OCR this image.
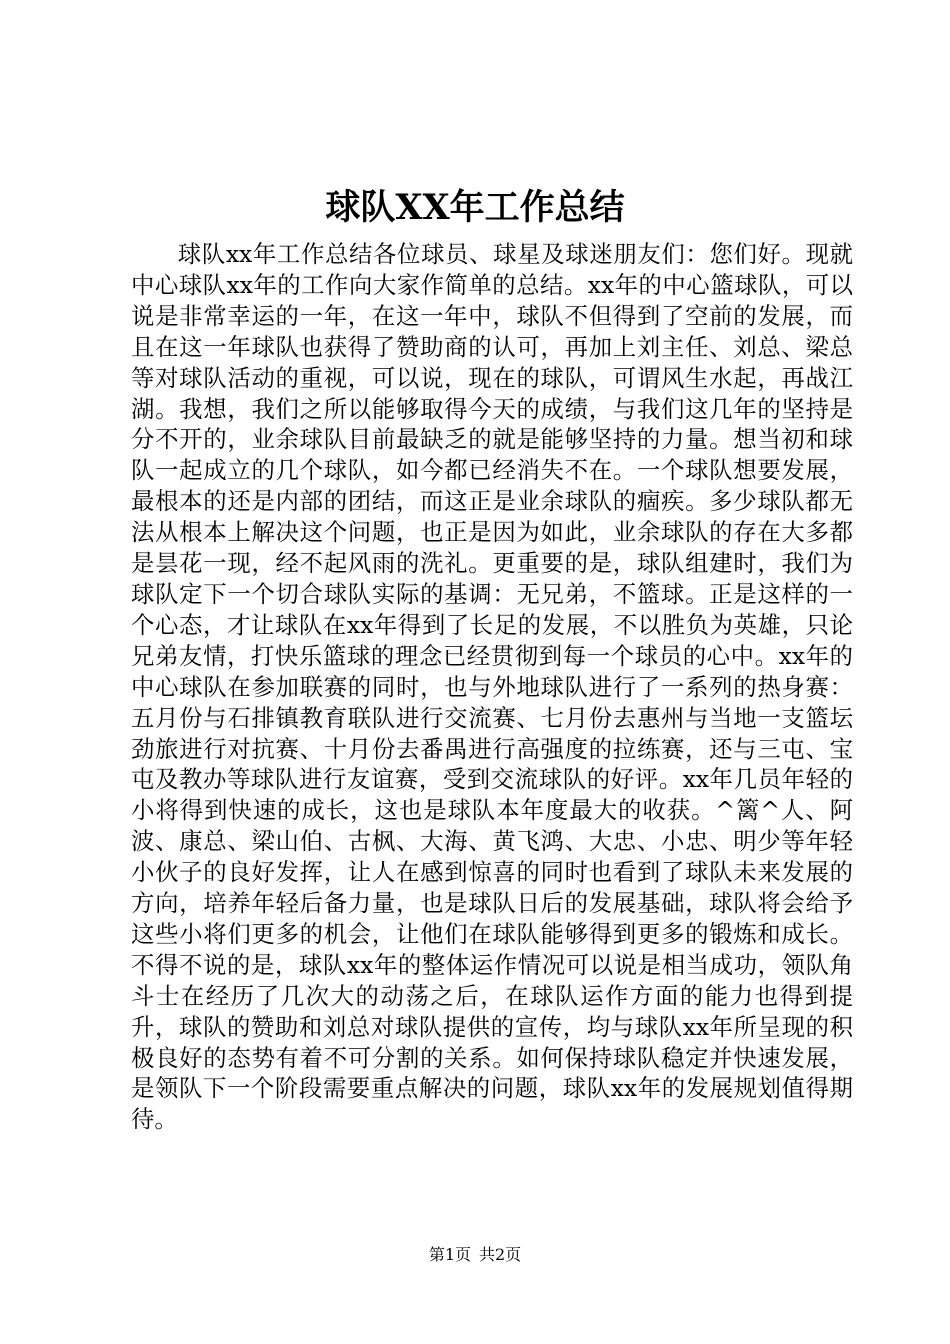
球队XX年工作总结

球队xx年工作总结各位球员、球星及球迷朋友们：您们好。现就中心球队xx年的工作向大家作简单的总结。xx年的中心篮球队，可以说是非常幸运的一年，在这一年中，球队不但得到了空前的发展，而且在这一年球队也获得了赞助商的认可，再加上刘主任、刘总、梁总等对球队活动的重视，可以说，现在的球队，可谓风生水起，再战江湖。我想，我们之所以能够取得今天的成绩，与我们这几年的坚持是分不开的，业余球队目前最缺乏的就是能够坚持的力量。想当初和球队一起成立的几个球队，如今都已经消失不在。一个球队想要发展，最根本的还是内部的团结，而这正是业余球队的痼疾。多少球队都无法从根本上解决这个问题，也正是因为如此，业余球队的存在大多都是昙花一现，经不起风雨的洗礼。更重要的是，球队组建时，我们为球队定下一个切合球队实际的基调：无兄弟，不篮球。正是这样的一个心态，才让球队在xx年得到了长足的发展，不以胜负为英雄，只论兄弟友情，打快乐篮球的理念已经贯彻到每一个球员的心中。xx年的中心球队在参加联赛的同时，也与外地球队进行了一系列的热身赛：五月份与石排镇教育联队进行交流赛、七月份去惠州与当地一支篮坛劲旅进行对抗赛、十月份去番禺进行高强度的拉练赛，还与三屯、宝屯及教办等球队进行友谊赛，受到交流球队的好评。xx年几员年轻的小将得到快速的成长，这也是球队本年度最大的收获。^篱^人、阿波、康总、梁山伯、古枫、大海、黄飞鸿、大忠、小忠、明少等年轻小伙子的良好发挥，让人在感到惊喜的同时也看到了球队未来发展的方向，培养年轻后备力量，也是球队日后的发展基础，球队将会给予这些小将们更多的机会，让他们在球队能够得到更多的锻炼和成长。不得不说的是，球队xx年的整体运作情况可以说是相当成功，领队角斗士在经历了几次大的动荡之后，在球队运作方面的能力也得到提升，球队的赞助和刘总对球队提供的宣传，均与球队xx年所呈现的积极良好的态势有着不可分割的关系。如何保持球队稳定并快速发展，是领队下一个阶段需要重点解决的问题，球队xx年的发展规划值得期待。

第1页 共2页
